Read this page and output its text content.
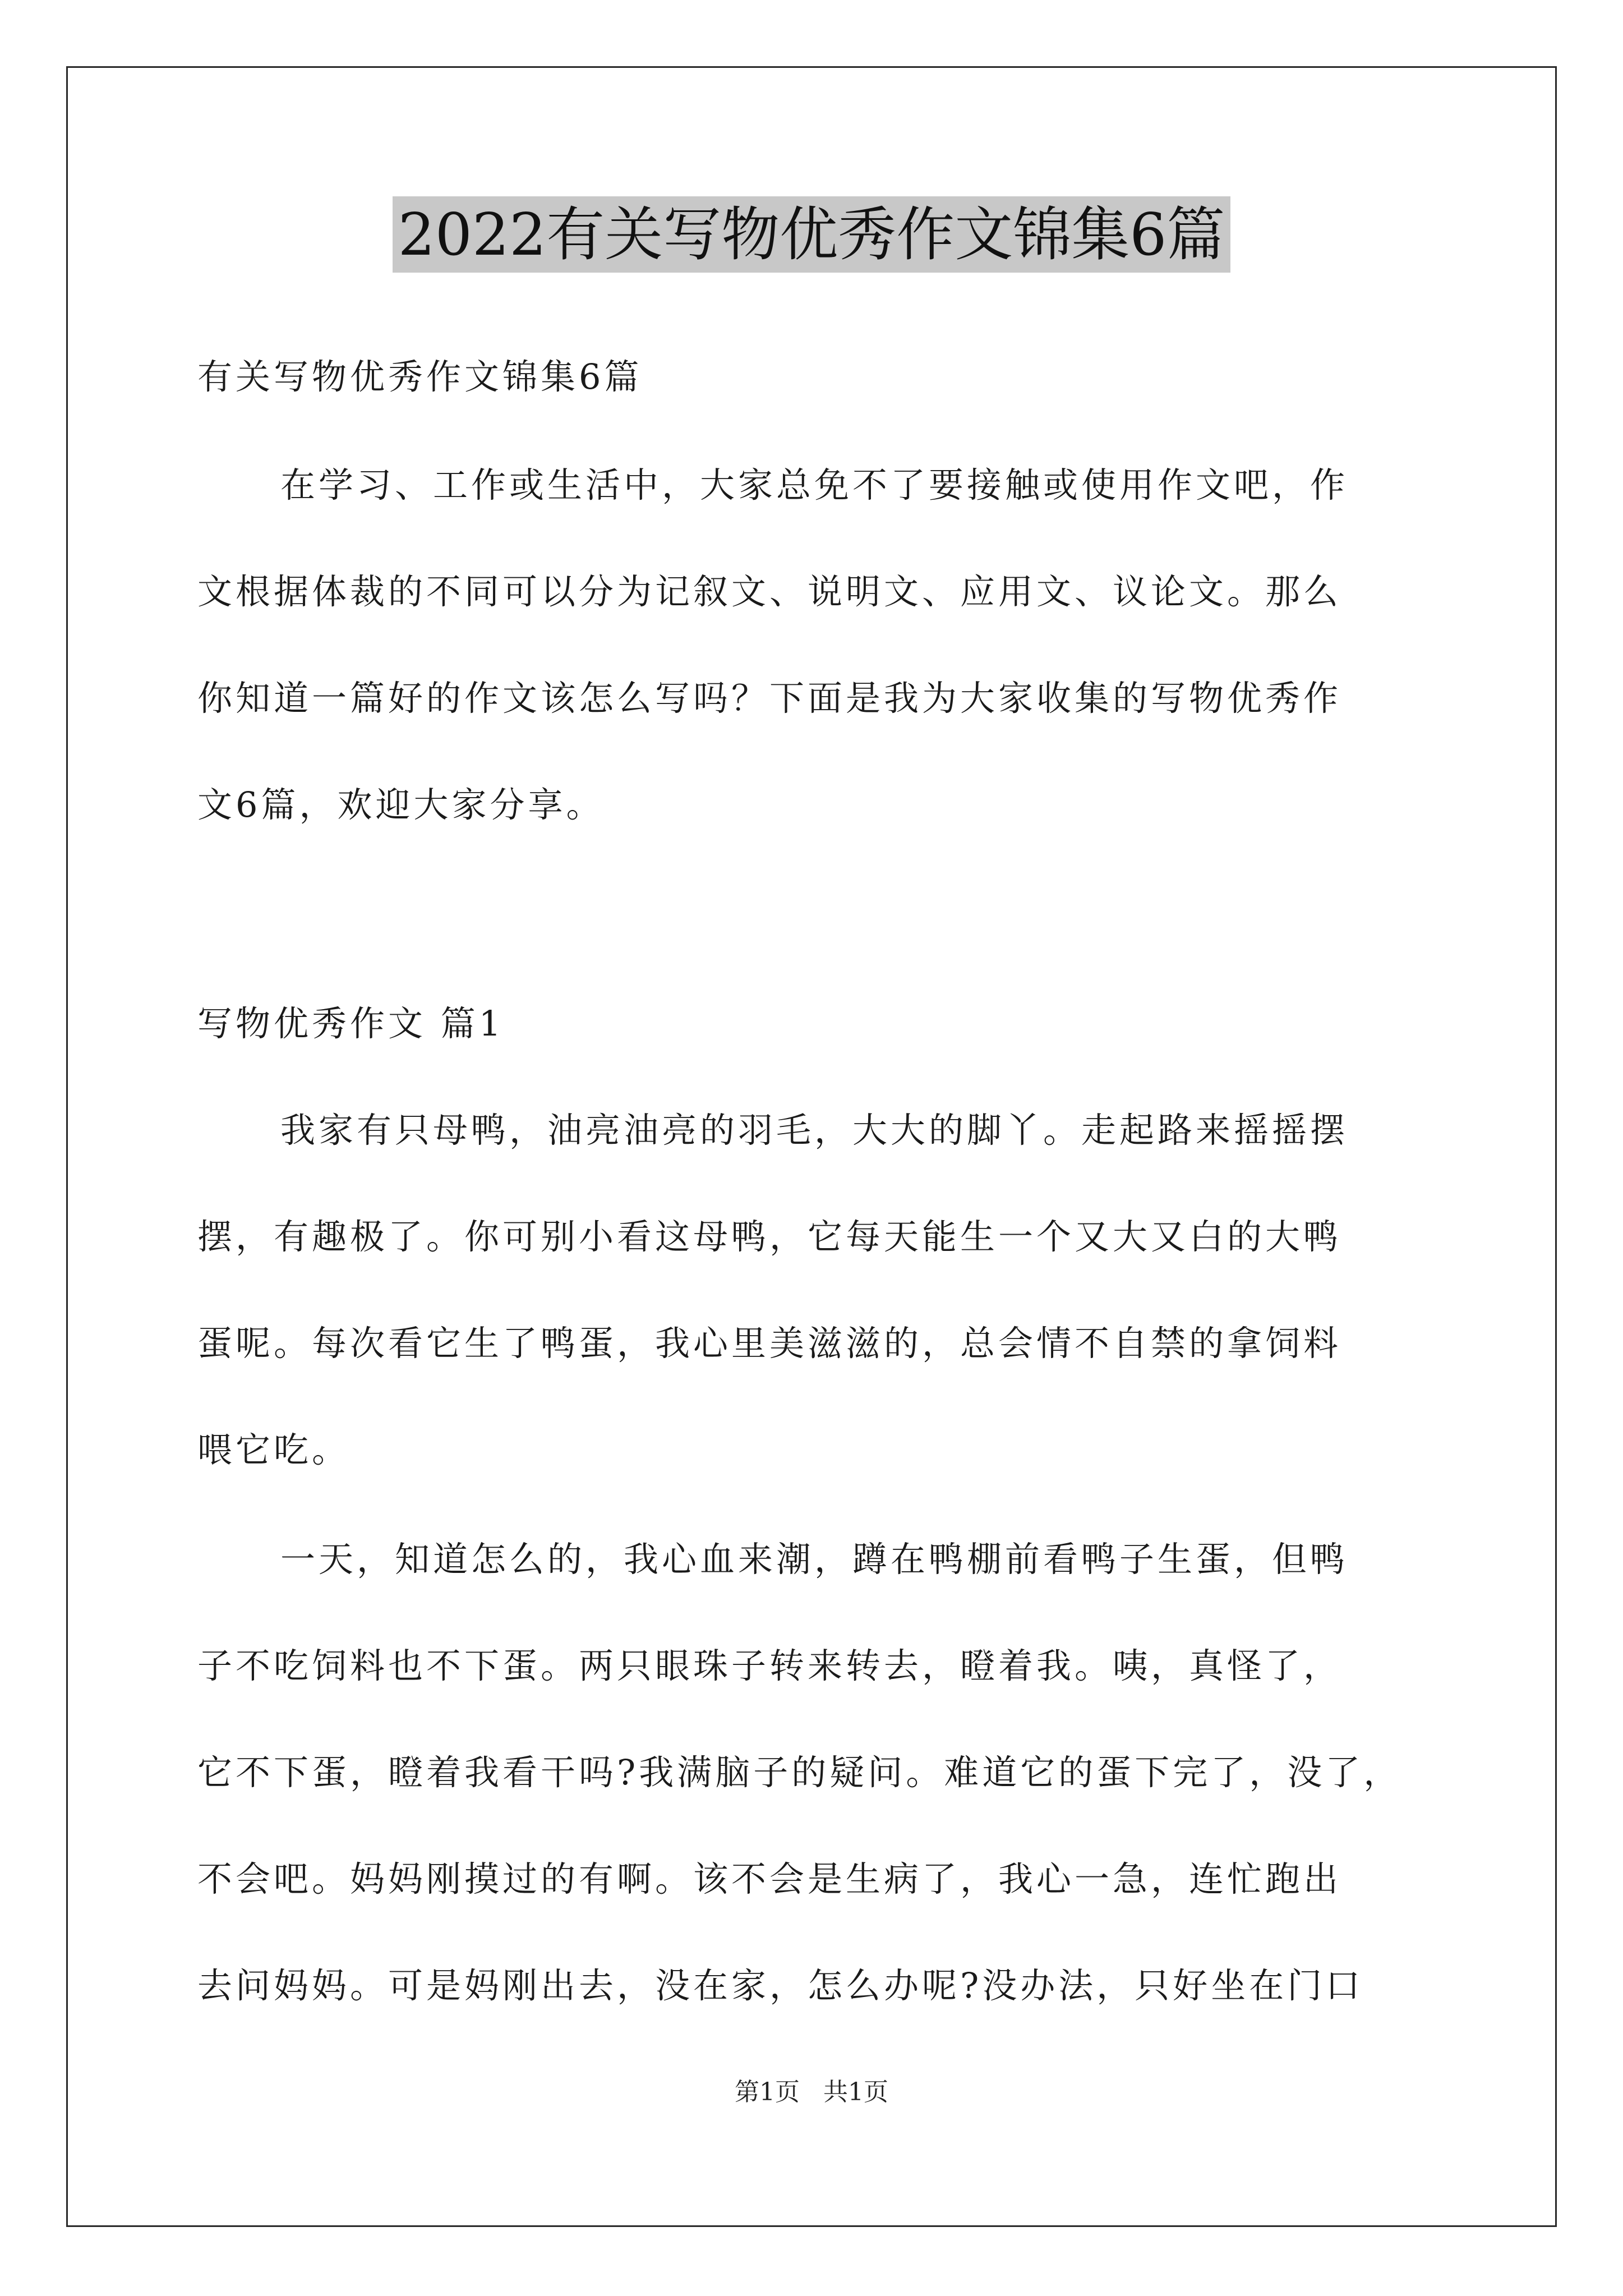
2022有关写物优秀作文锦集6篇
有关写物优秀作文锦集6篇
在学习、工作或生活中，大家总免不了要接触或使用作文吧，作
文根据体裁的不同可以分为记叙文、说明文、应用文、议论文。那么
你知道一篇好的作文该怎么写吗？下面是我为大家收集的写物优秀作
文6篇，欢迎大家分享。
写物优秀作文 篇1
我家有只母鸭，油亮油亮的羽毛，大大的脚丫。走起路来摇摇摆
摆，有趣极了。你可别小看这母鸭，它每天能生一个又大又白的大鸭
蛋呢。每次看它生了鸭蛋，我心里美滋滋的，总会情不自禁的拿饲料
喂它吃。
一天，知道怎么的，我心血来潮，蹲在鸭棚前看鸭子生蛋，但鸭
子不吃饲料也不下蛋。两只眼珠子转来转去，瞪着我。咦，真怪了，
它不下蛋，瞪着我看干吗?我满脑子的疑问。难道它的蛋下完了，没了，
不会吧。妈妈刚摸过的有啊。该不会是生病了，我心一急，连忙跑出
去问妈妈。可是妈刚出去，没在家，怎么办呢?没办法，只好坐在门口
第1页 共1页
